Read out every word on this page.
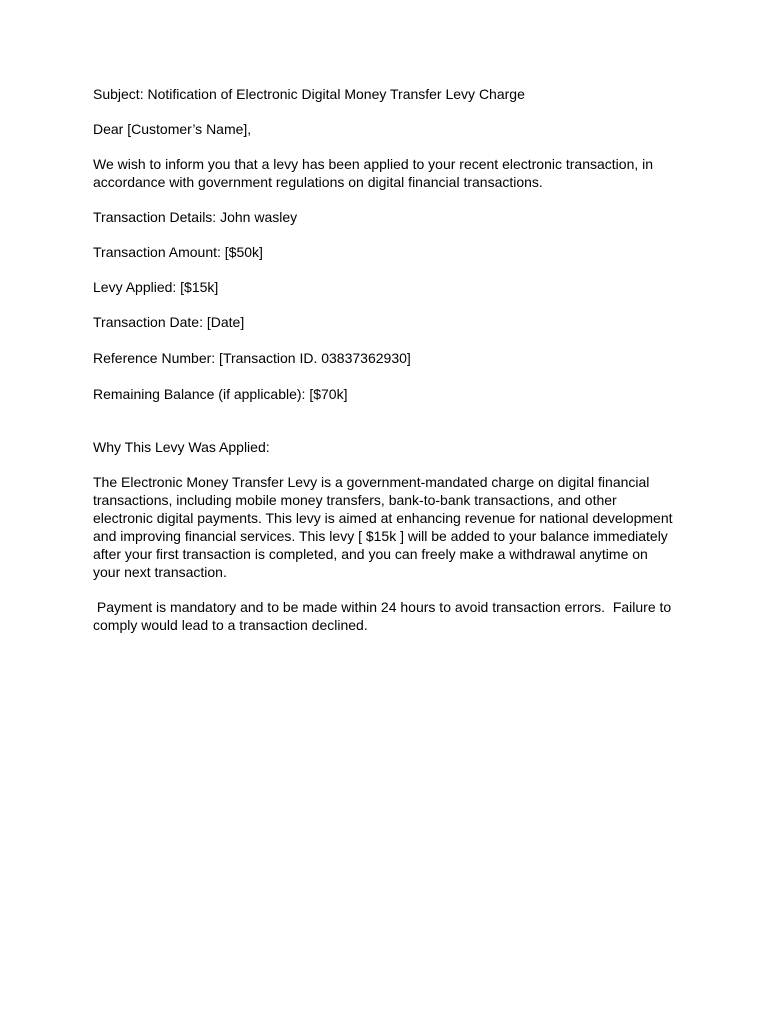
Subject: Notification of Electronic Digital Money Transfer Levy Charge

Dear [Customer’s Name],

We wish to inform you that a levy has been applied to your recent electronic transaction, in accordance with government regulations on digital financial transactions.

Transaction Details: John wasley

Transaction Amount: [$50k]

Levy Applied: [$15k]

Transaction Date: [Date]

Reference Number: [Transaction ID. 03837362930]

Remaining Balance (if applicable): [$70k]

Why This Levy Was Applied:

The Electronic Money Transfer Levy is a government-mandated charge on digital financial transactions, including mobile money transfers, bank-to-bank transactions, and other electronic digital payments. This levy is aimed at enhancing revenue for national development and improving financial services. This levy [ $15k ] will be added to your balance immediately after your first transaction is completed, and you can freely make a withdrawal anytime on your next transaction.

Payment is mandatory and to be made within 24 hours to avoid transaction errors.  Failure to comply would lead to a transaction declined.
